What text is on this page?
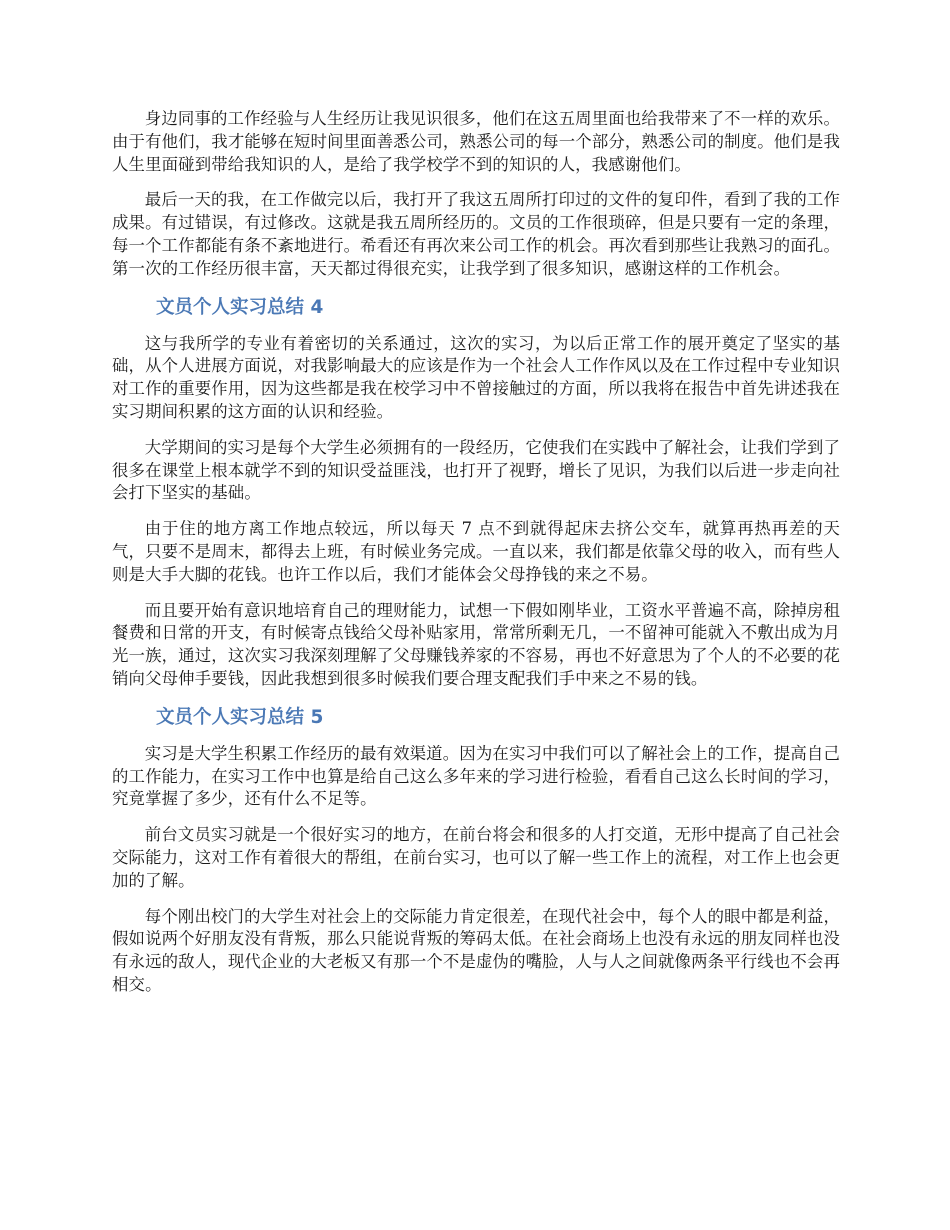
身边同事的工作经验与人生经历让我见识很多，他们在这五周里面也给我带来了不一样的欢乐。由于有他们，我才能够在短时间里面善悉公司，熟悉公司的每一个部分，熟悉公司的制度。他们是我人生里面碰到带给我知识的人，是给了我学校学不到的知识的人，我感谢他们。

最后一天的我，在工作做完以后，我打开了我这五周所打印过的文件的复印件，看到了我的工作成果。有过错误，有过修改。这就是我五周所经历的。文员的工作很琐碎，但是只要有一定的条理，每一个工作都能有条不紊地进行。希看还有再次来公司工作的机会。再次看到那些让我熟习的面孔。第一次的工作经历很丰富，天天都过得很充实，让我学到了很多知识，感谢这样的工作机会。

文员个人实习总结 4

这与我所学的专业有着密切的关系通过，这次的实习，为以后正常工作的展开奠定了坚实的基础，从个人进展方面说，对我影响最大的应该是作为一个社会人工作作风以及在工作过程中专业知识对工作的重要作用，因为这些都是我在校学习中不曾接触过的方面，所以我将在报告中首先讲述我在实习期间积累的这方面的认识和经验。

大学期间的实习是每个大学生必须拥有的一段经历，它使我们在实践中了解社会，让我们学到了很多在课堂上根本就学不到的知识受益匪浅，也打开了视野，增长了见识，为我们以后进一步走向社会打下坚实的基础。

由于住的地方离工作地点较远，所以每天 7 点不到就得起床去挤公交车，就算再热再差的天气，只要不是周末，都得去上班，有时候业务完成。一直以来，我们都是依靠父母的收入，而有些人则是大手大脚的花钱。也许工作以后，我们才能体会父母挣钱的来之不易。

而且要开始有意识地培育自己的理财能力，试想一下假如刚毕业，工资水平普遍不高，除掉房租餐费和日常的开支，有时候寄点钱给父母补贴家用，常常所剩无几，一不留神可能就入不敷出成为月光一族，通过，这次实习我深刻理解了父母赚钱养家的不容易，再也不好意思为了个人的不必要的花销向父母伸手要钱，因此我想到很多时候我们要合理支配我们手中来之不易的钱。

文员个人实习总结 5

实习是大学生积累工作经历的最有效渠道。因为在实习中我们可以了解社会上的工作，提高自己的工作能力，在实习工作中也算是给自己这么多年来的学习进行检验，看看自己这么长时间的学习，究竟掌握了多少，还有什么不足等。

前台文员实习就是一个很好实习的地方，在前台将会和很多的人打交道，无形中提高了自己社会交际能力，这对工作有着很大的帮组，在前台实习，也可以了解一些工作上的流程，对工作上也会更加的了解。

每个刚出校门的大学生对社会上的交际能力肯定很差，在现代社会中，每个人的眼中都是利益，假如说两个好朋友没有背叛，那么只能说背叛的筹码太低。在社会商场上也没有永远的朋友同样也没有永远的敌人，现代企业的大老板又有那一个不是虚伪的嘴脸，人与人之间就像两条平行线也不会再相交。
